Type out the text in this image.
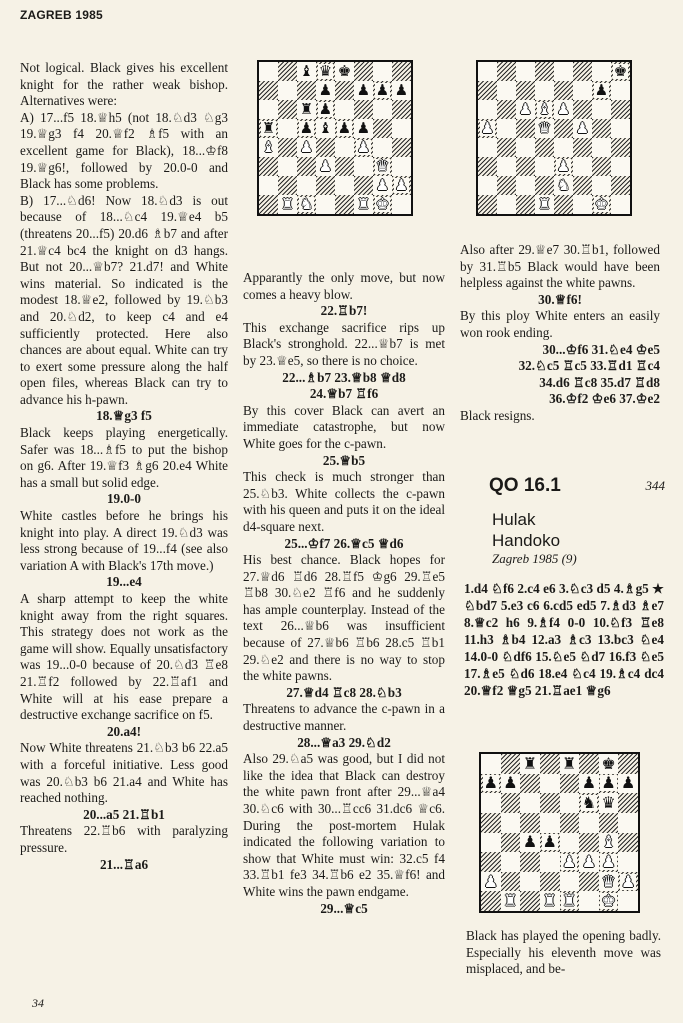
ZAGREB 1985

Not logical. Black gives his excellent knight for the rather weak bishop. Alternatives were:

A) 17...f5 18.♕h5 (not 18.♘d3 ♘g3 19.♕g3 f4 20.♕f2 ♗f5 with an excellent game for Black), 18...♔f8 19.♕g6!, followed by 20.0-0 and Black has some problems.

B) 17...♘d6! Now 18.♘d3 is out because of 18...♘c4 19.♕e4 b5 (threatens 20...f5) 20.d6 ♗b7 and after 21.♕c4 bc4 the knight on d3 hangs. But not 20...♕b7? 21.d7! and White wins material. So indicated is the modest 18.♕e2, followed by 19.♘b3 and 20.♘d2, to keep c4 and e4 sufficiently protected. Here also chances are about equal. White can try to exert some pressure along the half open files, whereas Black can try to advance his h-pawn.

18.♕g3 f5

Black keeps playing energetically. Safer was 18...♗f5 to put the bishop on g6. After 19.♕f3 ♗g6 20.e4 White has a small but solid edge.

19.0-0

White castles before he brings his knight into play. A direct 19.♘d3 was less strong because of 19...f4 (see also variation A with Black's 17th move.)

19...e4

A sharp attempt to keep the white knight away from the right squares. This strategy does not work as the game will show. Equally unsatisfactory was 19...0-0 because of 20.♘d3 ♖e8 21.♖f2 followed by 22.♖af1 and White will at his ease prepare a destructive exchange sacrifice on f5.

20.a4!

Now White threatens 21.♘b3 b6 22.a5 with a forceful initiative. Less good was 20.♘b3 b6 21.a4 and White has reached nothing.

20...a5 21.♖b1

Threatens 22.♖b6 with paralyzing pressure.

21...♖a6

Apparantly the only move, but now comes a heavy blow.

22.♖b7!

This exchange sacrifice rips up Black's stronghold. 22...♕b7 is met by 23.♕e5, so there is no choice.

22...♗b7 23.♕b8 ♕d8

24.♕b7 ♖f6

By this cover Black can avert an immediate catastrophe, but now White goes for the c-pawn.

25.♕b5

This check is much stronger than 25.♘b3. White collects the c-pawn with his queen and puts it on the ideal d4-square next.

25...♔f7 26.♕c5 ♕d6

His best chance. Black hopes for 27.♕d6 ♖d6 28.♖f5 ♔g6 29.♖e5 ♖b8 30.♘e2 ♖f6 and he suddenly has ample counterplay. Instead of the text 26...♕b6 was insufficient because of 27.♕b6 ♖b6 28.c5 ♖b1 29.♘e2 and there is no way to stop the white pawns.

27.♕d4 ♖c8 28.♘b3

Threatens to advance the c-pawn in a destructive manner.

28...♕a3 29.♘d2

Also 29.♘a5 was good, but I did not like the idea that Black can destroy the white pawn front after 29...♕a4 30.♘c6 with 30...♖cc6 31.dc6 ♕c6. During the post-mortem Hulak indicated the following variation to show that White must win: 32.c5 f4 33.♖b1 fe3 34.♖b6 e2 35.♕f6! and White wins the pawn endgame.

29...♕c5

Also after 29.♕e7 30.♖b1, followed by 31.♖b5 Black would have been helpless against the white pawns.

30.♕f6!

By this ploy White enters an easily won rook ending.

30...♔f6 31.♘e4 ♔e5

32.♘c5 ♖c5 33.♖d1 ♖c4

34.d6 ♖c8 35.d7 ♖d8

36.♔f2 ♔e6 37.♔e2

Black resigns.

♝ ♛ ♚
♟ ♟ ♟ ♟
♜ ♟
♜ ♟ ♝ ♟ ♟
♝ ♟	♟
♟	♛
♟ ♟
♜ ♞	♜ ♚
♚
♟
♟ ♝ ♟
♟	♛ ♟
♟
♞
♜	♚
♜ ♜ ♚
♟ ♟	♟ ♟ ♟
♞ ♛
♟ ♟	♝
♟ ♟ ♟
♟	♛ ♟
♜ ♜ ♜ ♚
QO 16.1	344
Hulak
Handoko
Zagreb 1985 (9)
1.d4 ♘f6 2.c4 e6 3.♘c3 d5 4.♗g5 ★ ♘bd7 5.e3 c6 6.cd5 ed5 7.♗d3 ♗e7 8.♕c2 h6 9.♗f4 0-0 10.♘f3 ♖e8 11.h3 ♗b4 12.a3 ♗c3 13.bc3 ♘e4 14.0-0 ♘df6 15.♘e5 ♘d7 16.f3 ♘e5 17.♗e5 ♘d6 18.e4 ♘c4 19.♗c4 dc4 20.♕f2 ♕g5 21.♖ae1 ♕g6
Black has played the opening badly. Especially his eleventh move was misplaced, and be-
34
